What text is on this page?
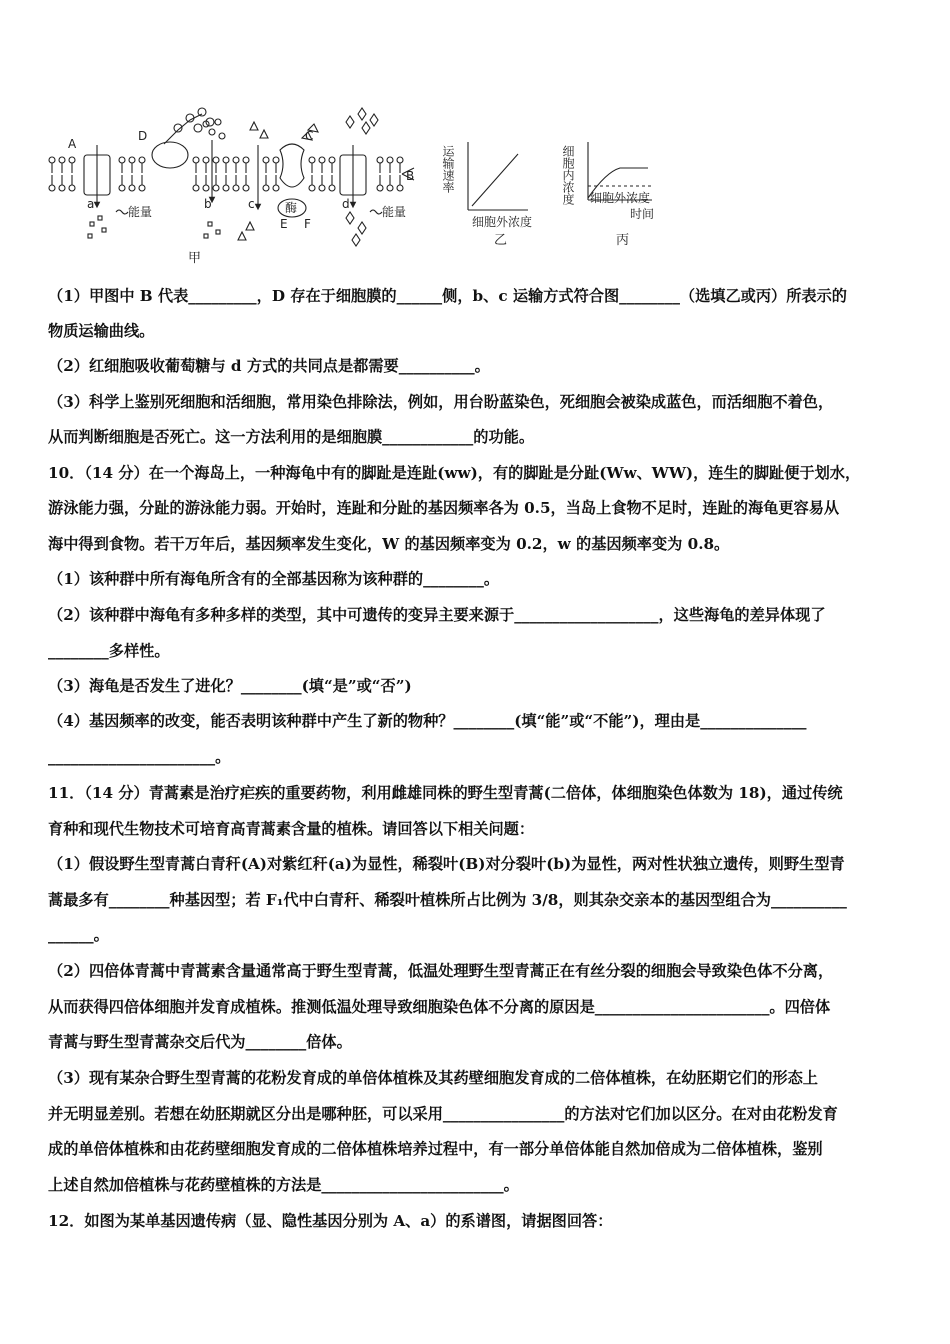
A
D	C
B
E F
a	b	c	d
能量	能量
酶
甲
运输速率
细胞外浓度
乙
细胞内浓度 细胞外浓度
时间
丙
（1）甲图中 B 代表_________，D 存在于细胞膜的______侧，b、c 运输方式符合图________（选填乙或丙）所表示的
物质运输曲线。
（2）红细胞吸收葡萄糖与 d 方式的共同点是都需要__________。
（3）科学上鉴别死细胞和活细胞，常用染色排除法，例如，用台盼蓝染色，死细胞会被染成蓝色，而活细胞不着色，
从而判断细胞是否死亡。这一方法利用的是细胞膜____________的功能。
10．（14 分）在一个海岛上，一种海龟中有的脚趾是连趾(ww)，有的脚趾是分趾(Ww、WW)，连生的脚趾便于划水，
游泳能力强，分趾的游泳能力弱。开始时，连趾和分趾的基因频率各为 0.5，当岛上食物不足时，连趾的海龟更容易从
海中得到食物。若干万年后，基因频率发生变化，W 的基因频率变为 0.2，w 的基因频率变为 0.8。
（1）该种群中所有海龟所含有的全部基因称为该种群的________。
（2）该种群中海龟有多种多样的类型，其中可遗传的变异主要来源于___________________，这些海龟的差异体现了
________多样性。
（3）海龟是否发生了进化？________(填“是”或“否”)
（4）基因频率的改变，能否表明该种群中产生了新的物种？________(填“能”或“不能”)，理由是______________
______________________。
11．（14 分）青蒿素是治疗疟疾的重要药物，利用雌雄同株的野生型青蒿(二倍体，体细胞染色体数为 18)，通过传统
育种和现代生物技术可培育高青蒿素含量的植株。请回答以下相关问题：
（1）假设野生型青蒿白青秆(A)对紫红秆(a)为显性，稀裂叶(B)对分裂叶(b)为显性，两对性状独立遗传，则野生型青
蒿最多有________种基因型；若 F₁代中白青秆、稀裂叶植株所占比例为 3/8，则其杂交亲本的基因型组合为__________
______。
（2）四倍体青蒿中青蒿素含量通常高于野生型青蒿，低温处理野生型青蒿正在有丝分裂的细胞会导致染色体不分离，
从而获得四倍体细胞并发育成植株。推测低温处理导致细胞染色体不分离的原因是_______________________。四倍体
青蒿与野生型青蒿杂交后代为________倍体。
（3）现有某杂合野生型青蒿的花粉发育成的单倍体植株及其药壁细胞发育成的二倍体植株，在幼胚期它们的形态上
并无明显差别。若想在幼胚期就区分出是哪种胚，可以采用________________的方法对它们加以区分。在对由花粉发育
成的单倍体植株和由花药壁细胞发育成的二倍体植株培养过程中，有一部分单倍体能自然加倍成为二倍体植株，鉴别
上述自然加倍植株与花药壁植株的方法是________________________。
12．如图为某单基因遗传病（显、隐性基因分别为 A、a）的系谱图，请据图回答：
